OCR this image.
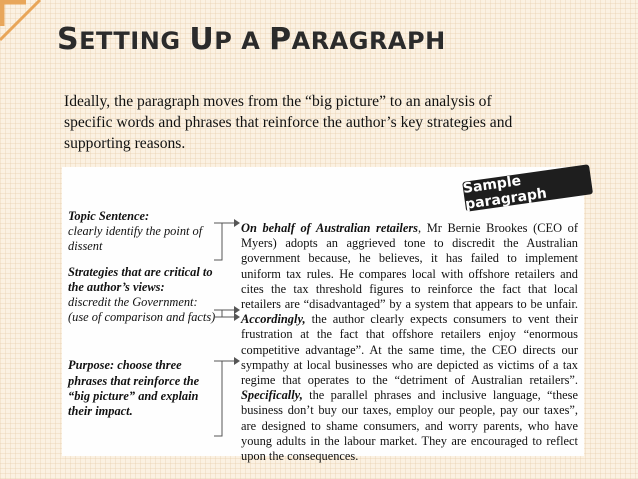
SETTING UP A PARAGRAPH
Ideally, the paragraph moves from the “big picture” to an analysis of specific words and phrases that reinforce the author’s key strategies and supporting reasons.
Sample paragraph

Topic Sentence:
clearly identify the point of dissent

Strategies that are critical to the author’s views:
discredit the Government: (use of comparison and facts)

Purpose: choose three phrases that reinforce the “big picture” and explain their impact.

On behalf of Australian retailers, Mr Bernie Brookes (CEO of Myers) adopts an aggrieved tone to discredit the Australian government because, he believes, it has failed to implement uniform tax rules. He compares local with offshore retailers and cites the tax threshold figures to reinforce the fact that local retailers are “disadvantaged” by a system that appears to be unfair. Accordingly, the author clearly expects consumers to vent their frustration at the fact that offshore retailers enjoy “enormous competitive advantage”. At the same time, the CEO directs our sympathy at local businesses who are depicted as victims of a tax regime that operates to the “detriment of Australian retailers”. Specifically, the parallel phrases and inclusive language, “these business don’t buy our taxes, employ our people, pay our taxes”, are designed to shame consumers, and worry parents, who have young adults in the labour market. They are encouraged to reflect upon the consequences.
